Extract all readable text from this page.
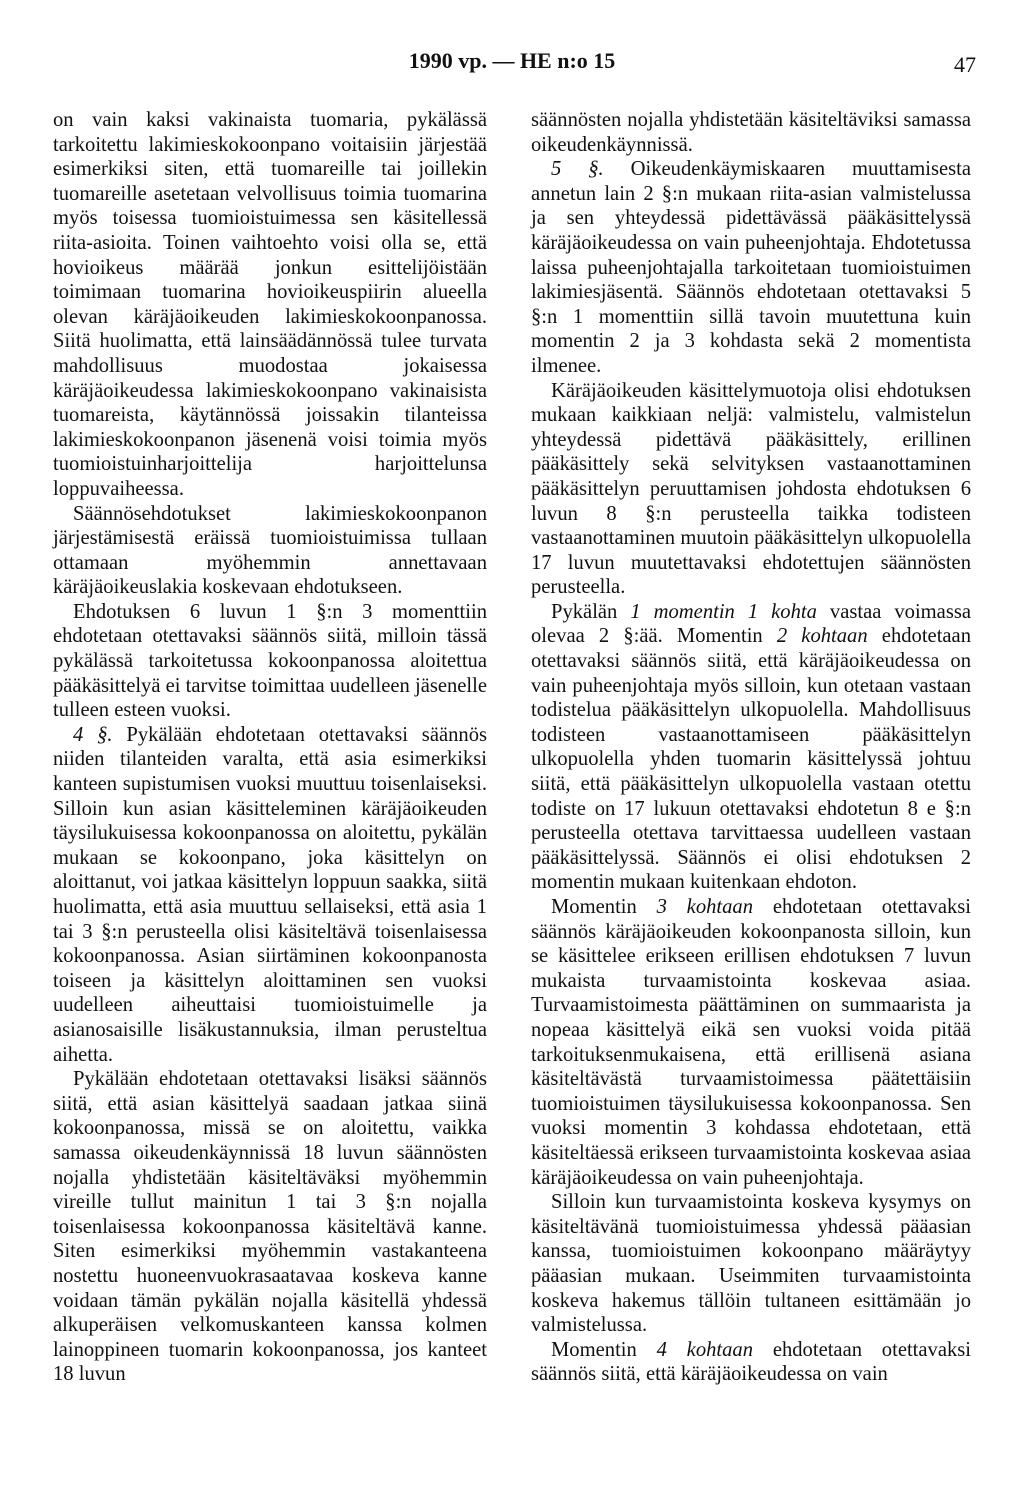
1990 vp. — HE n:o 15	47

on vain kaksi vakinaista tuomaria, pykälässä tarkoitettu lakimieskokoonpano voitaisiin järjestää esimerkiksi siten, että tuomareille tai joillekin tuomareille asetetaan velvollisuus toimia tuomarina myös toisessa tuomioistuimessa sen käsitellessä riita-asioita. Toinen vaihtoehto voisi olla se, että hovioikeus määrää jonkun esittelijöistään toimimaan tuomarina hovioikeuspiirin alueella olevan käräjäoikeuden lakimieskokoonpanossa. Siitä huolimatta, että lainsäädännössä tulee turvata mahdollisuus muodostaa jokaisessa käräjäoikeudessa lakimieskokoonpano vakinaisista tuomareista, käytännössä joissakin tilanteissa lakimieskokoonpanon jäsenenä voisi toimia myös tuomioistuinharjoittelija harjoittelunsa loppuvaiheessa.

Säännösehdotukset lakimieskokoonpanon järjestämisestä eräissä tuomioistuimissa tullaan ottamaan myöhemmin annettavaan käräjäoikeuslakia koskevaan ehdotukseen.

Ehdotuksen 6 luvun 1 §:n 3 momenttiin ehdotetaan otettavaksi säännös siitä, milloin tässä pykälässä tarkoitetussa kokoonpanossa aloitettua pääkäsittelyä ei tarvitse toimittaa uudelleen jäsenelle tulleen esteen vuoksi.

4 §. Pykälään ehdotetaan otettavaksi säännös niiden tilanteiden varalta, että asia esimerkiksi kanteen supistumisen vuoksi muuttuu toisenlaiseksi. Silloin kun asian käsitteleminen käräjäoikeuden täysilukuisessa kokoonpanossa on aloitettu, pykälän mukaan se kokoonpano, joka käsittelyn on aloittanut, voi jatkaa käsittelyn loppuun saakka, siitä huolimatta, että asia muuttuu sellaiseksi, että asia 1 tai 3 §:n perusteella olisi käsiteltävä toisenlaisessa kokoonpanossa. Asian siirtäminen kokoonpanosta toiseen ja käsittelyn aloittaminen sen vuoksi uudelleen aiheuttaisi tuomioistuimelle ja asianosaisille lisäkustannuksia, ilman perusteltua aihetta.

Pykälään ehdotetaan otettavaksi lisäksi säännös siitä, että asian käsittelyä saadaan jatkaa siinä kokoonpanossa, missä se on aloitettu, vaikka samassa oikeudenkäynnissä 18 luvun säännösten nojalla yhdistetään käsiteltäväksi myöhemmin vireille tullut mainitun 1 tai 3 §:n nojalla toisenlaisessa kokoonpanossa käsiteltävä kanne. Siten esimerkiksi myöhemmin vastakanteena nostettu huoneenvuokrasaatavaa koskeva kanne voidaan tämän pykälän nojalla käsitellä yhdessä alkuperäisen velkomuskanteen kanssa kolmen lainoppineen tuomarin kokoonpanossa, jos kanteet 18 luvun

säännösten nojalla yhdistetään käsiteltäviksi samassa oikeudenkäynnissä.

5 §. Oikeudenkäymiskaaren muuttamisesta annetun lain 2 §:n mukaan riita-asian valmistelussa ja sen yhteydessä pidettävässä pääkäsittelyssä käräjäoikeudessa on vain puheenjohtaja. Ehdotetussa laissa puheenjohtajalla tarkoitetaan tuomioistuimen lakimiesjäsentä. Säännös ehdotetaan otettavaksi 5 §:n 1 momenttiin sillä tavoin muutettuna kuin momentin 2 ja 3 kohdasta sekä 2 momentista ilmenee.

Käräjäoikeuden käsittelymuotoja olisi ehdotuksen mukaan kaikkiaan neljä: valmistelu, valmistelun yhteydessä pidettävä pääkäsittely, erillinen pääkäsittely sekä selvityksen vastaanottaminen pääkäsittelyn peruuttamisen johdosta ehdotuksen 6 luvun 8 §:n perusteella taikka todisteen vastaanottaminen muutoin pääkäsittelyn ulkopuolella 17 luvun muutettavaksi ehdotettujen säännösten perusteella.

Pykälän 1 momentin 1 kohta vastaa voimassa olevaa 2 §:ää. Momentin 2 kohtaan ehdotetaan otettavaksi säännös siitä, että käräjäoikeudessa on vain puheenjohtaja myös silloin, kun otetaan vastaan todistelua pääkäsittelyn ulkopuolella. Mahdollisuus todisteen vastaanottamiseen pääkäsittelyn ulkopuolella yhden tuomarin käsittelyssä johtuu siitä, että pääkäsittelyn ulkopuolella vastaan otettu todiste on 17 lukuun otettavaksi ehdotetun 8 e §:n perusteella otettava tarvittaessa uudelleen vastaan pääkäsittelyssä. Säännös ei olisi ehdotuksen 2 momentin mukaan kuitenkaan ehdoton.

Momentin 3 kohtaan ehdotetaan otettavaksi säännös käräjäoikeuden kokoonpanosta silloin, kun se käsittelee erikseen erillisen ehdotuksen 7 luvun mukaista turvaamistointa koskevaa asiaa. Turvaamistoimesta päättäminen on summaarista ja nopeaa käsittelyä eikä sen vuoksi voida pitää tarkoituksenmukaisena, että erillisenä asiana käsiteltävästä turvaamistoimessa päätettäisiin tuomioistuimen täysilukuisessa kokoonpanossa. Sen vuoksi momentin 3 kohdassa ehdotetaan, että käsiteltäessä erikseen turvaamistointa koskevaa asiaa käräjäoikeudessa on vain puheenjohtaja.

Silloin kun turvaamistointa koskeva kysymys on käsiteltävänä tuomioistuimessa yhdessä pääasian kanssa, tuomioistuimen kokoonpano määräytyy pääasian mukaan. Useimmiten turvaamistointa koskeva hakemus tällöin tultaneen esittämään jo valmistelussa.

Momentin 4 kohtaan ehdotetaan otettavaksi säännös siitä, että käräjäoikeudessa on vain
